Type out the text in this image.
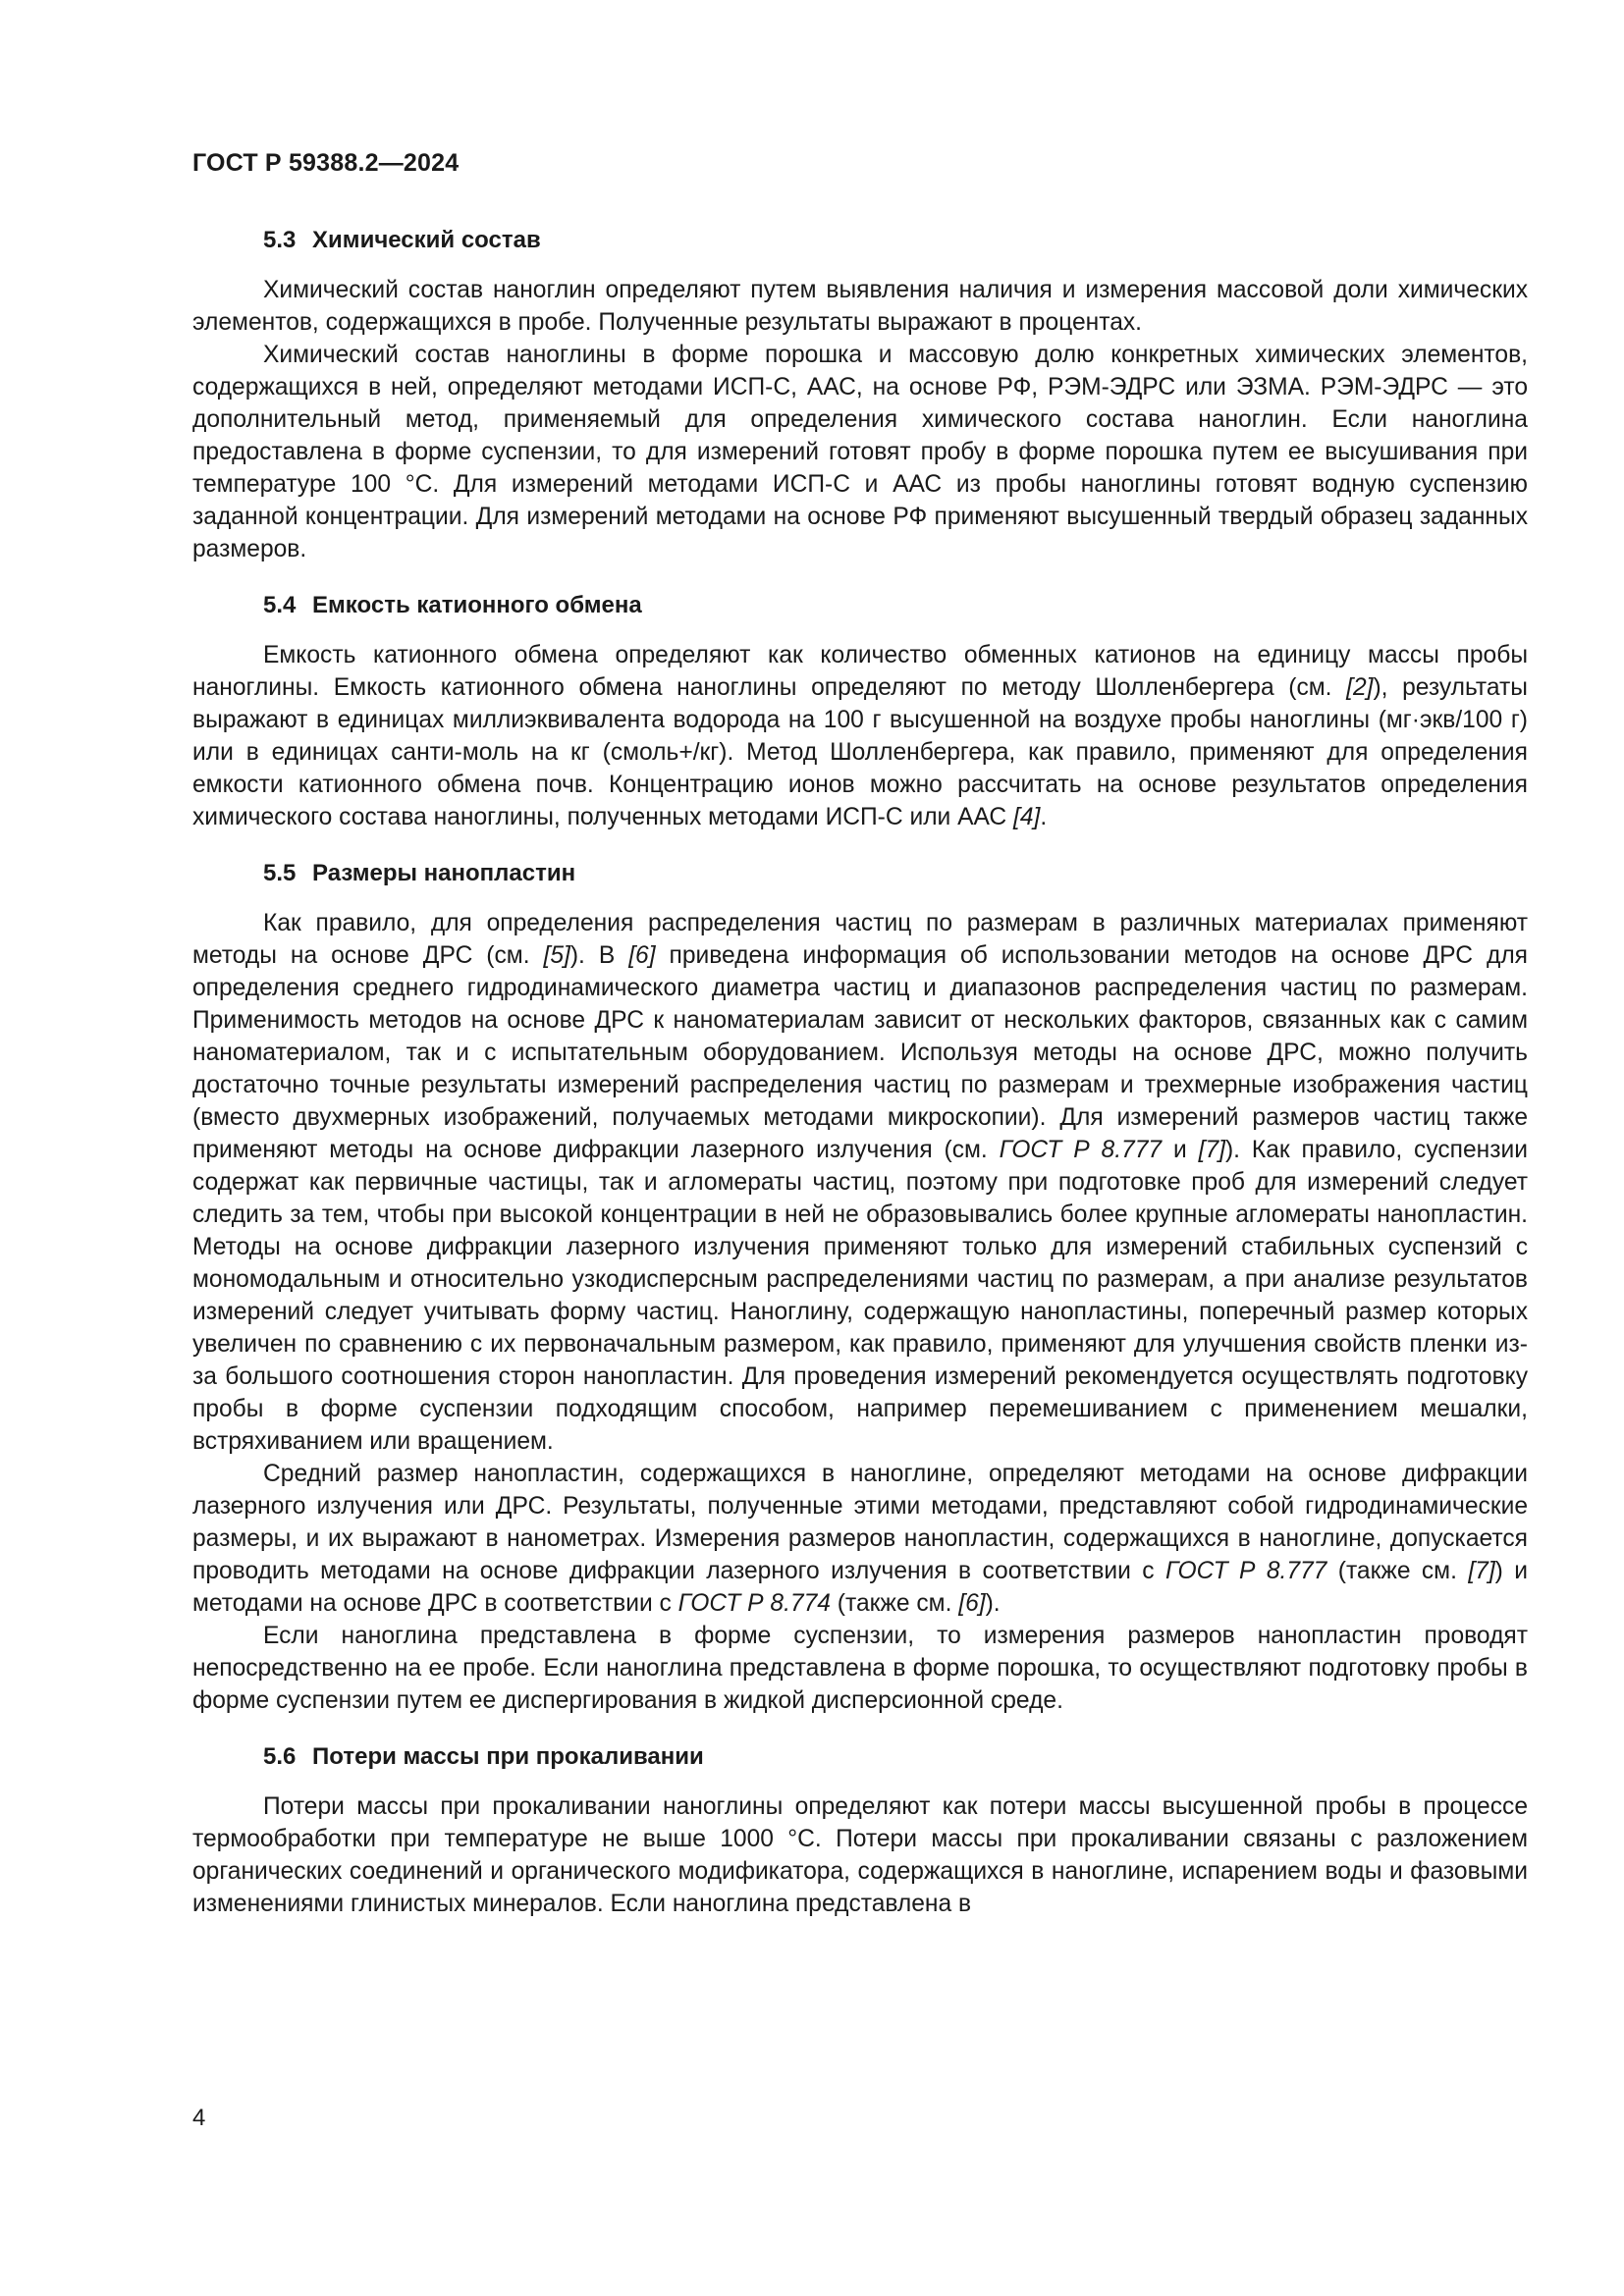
ГОСТ Р 59388.2—2024
5.3 Химический состав

Химический состав наноглин определяют путем выявления наличия и измерения массовой доли химических элементов, содержащихся в пробе. Полученные результаты выражают в процентах.

Химический состав наноглины в форме порошка и массовую долю конкретных химических элементов, содержащихся в ней, определяют методами ИСП-С, ААС, на основе РФ, РЭМ-ЭДРС или ЭЗМА. РЭМ-ЭДРС — это дополнительный метод, применяемый для определения химического состава наноглин. Если наноглина предоставлена в форме суспензии, то для измерений готовят пробу в форме порошка путем ее высушивания при температуре 100 °C. Для измерений методами ИСП-С и ААС из пробы наноглины готовят водную суспензию заданной концентрации. Для измерений методами на основе РФ применяют высушенный твердый образец заданных размеров.

5.4 Емкость катионного обмена

Емкость катионного обмена определяют как количество обменных катионов на единицу массы пробы наноглины. Емкость катионного обмена наноглины определяют по методу Шолленбергера (см. [2]), результаты выражают в единицах миллиэквивалента водорода на 100 г высушенной на воздухе пробы наноглины (мг·экв/100 г) или в единицах санти-моль на кг (смоль+/кг). Метод Шолленбергера, как правило, применяют для определения емкости катионного обмена почв. Концентрацию ионов можно рассчитать на основе результатов определения химического состава наноглины, полученных методами ИСП-С или ААС [4].

5.5 Размеры нанопластин

Как правило, для определения распределения частиц по размерам в различных материалах применяют методы на основе ДРС (см. [5]). В [6] приведена информация об использовании методов на основе ДРС для определения среднего гидродинамического диаметра частиц и диапазонов распределения частиц по размерам. Применимость методов на основе ДРС к наноматериалам зависит от нескольких факторов, связанных как с самим наноматериалом, так и с испытательным оборудованием. Используя методы на основе ДРС, можно получить достаточно точные результаты измерений распределения частиц по размерам и трехмерные изображения частиц (вместо двухмерных изображений, получаемых методами микроскопии). Для измерений размеров частиц также применяют методы на основе дифракции лазерного излучения (см. ГОСТ Р 8.777 и [7]). Как правило, суспензии содержат как первичные частицы, так и агломераты частиц, поэтому при подготовке проб для измерений следует следить за тем, чтобы при высокой концентрации в ней не образовывались более крупные агломераты нанопластин. Методы на основе дифракции лазерного излучения применяют только для измерений стабильных суспензий с мономодальным и относительно узкодисперсным распределениями частиц по размерам, а при анализе результатов измерений следует учитывать форму частиц. Наноглину, содержащую нанопластины, поперечный размер которых увеличен по сравнению с их первоначальным размером, как правило, применяют для улучшения свойств пленки из-за большого соотношения сторон нанопластин. Для проведения измерений рекомендуется осуществлять подготовку пробы в форме суспензии подходящим способом, например перемешиванием с применением мешалки, встряхиванием или вращением.

Средний размер нанопластин, содержащихся в наноглине, определяют методами на основе дифракции лазерного излучения или ДРС. Результаты, полученные этими методами, представляют собой гидродинамические размеры, и их выражают в нанометрах. Измерения размеров нанопластин, содержащихся в наноглине, допускается проводить методами на основе дифракции лазерного излучения в соответствии с ГОСТ Р 8.777 (также см. [7]) и методами на основе ДРС в соответствии с ГОСТ Р 8.774 (также см. [6]).

Если наноглина представлена в форме суспензии, то измерения размеров нанопластин проводят непосредственно на ее пробе. Если наноглина представлена в форме порошка, то осуществляют подготовку пробы в форме суспензии путем ее диспергирования в жидкой дисперсионной среде.

5.6 Потери массы при прокаливании

Потери массы при прокаливании наноглины определяют как потери массы высушенной пробы в процессе термообработки при температуре не выше 1000 °C. Потери массы при прокаливании связаны с разложением органических соединений и органического модификатора, содержащихся в наноглине, испарением воды и фазовыми изменениями глинистых минералов. Если наноглина представлена в

4
